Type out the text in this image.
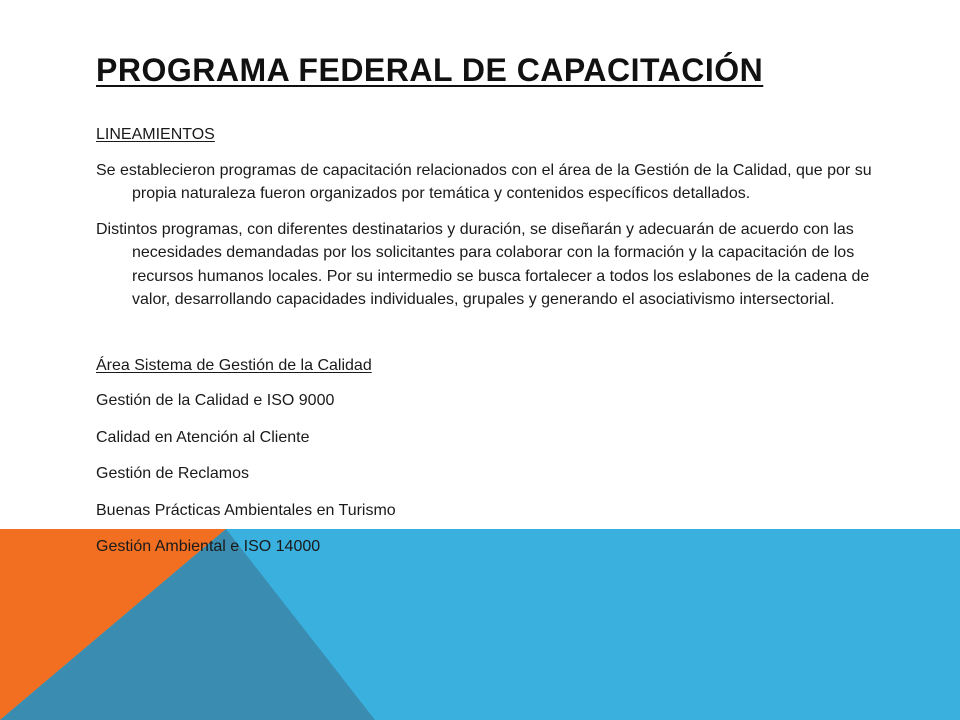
PROGRAMA FEDERAL DE CAPACITACIÓN

LINEAMIENTOS

Se establecieron programas de capacitación relacionados con el área de la Gestión de la Calidad, que por su propia naturaleza fueron organizados por temática y contenidos específicos detallados.

Distintos programas, con diferentes destinatarios y duración, se diseñarán y adecuarán de acuerdo con las necesidades demandadas por los solicitantes para colaborar con la formación y la capacitación de los recursos humanos locales. Por su intermedio se busca fortalecer a todos los eslabones de la cadena de valor, desarrollando capacidades individuales, grupales y generando el asociativismo intersectorial.

Área Sistema de Gestión de la Calidad

Gestión de la Calidad e ISO 9000
Calidad en Atención al Cliente
Gestión de Reclamos
Buenas Prácticas Ambientales en Turismo
Gestión Ambiental e ISO 14000
